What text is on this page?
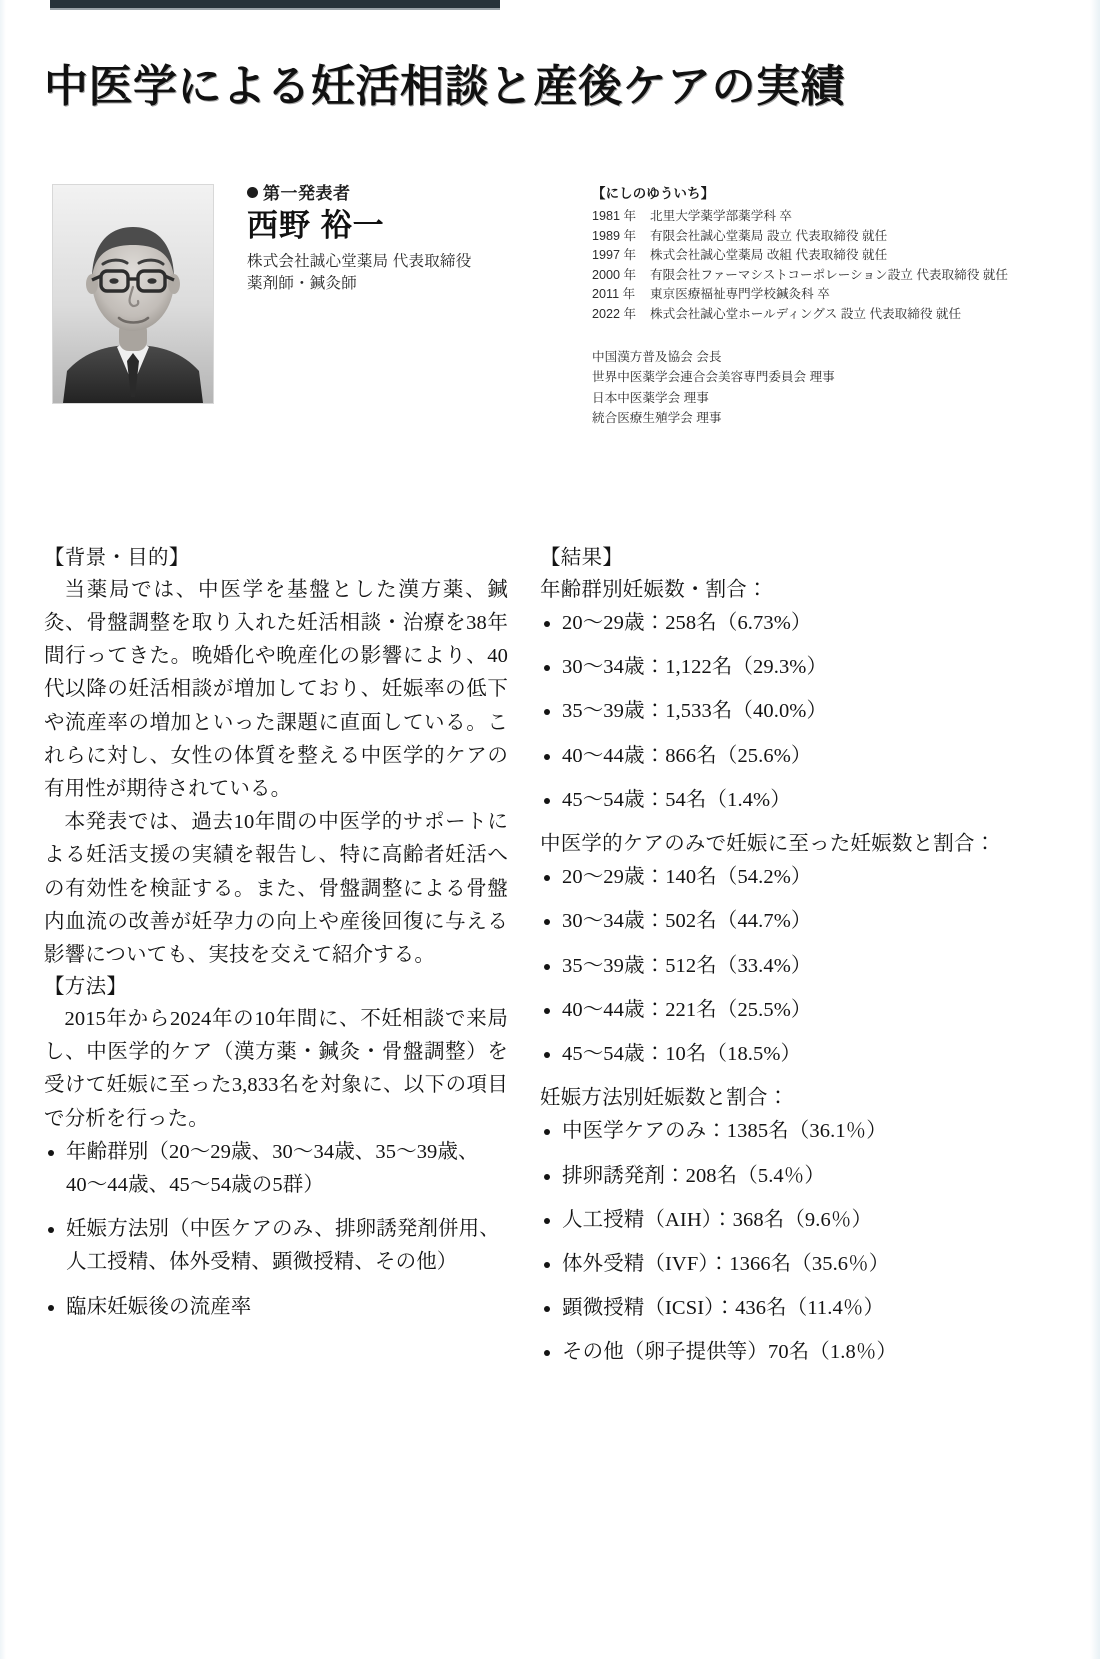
中医学による妊活相談と産後ケアの実績
第一発表者
西野 裕一
株式会社誠心堂薬局 代表取締役
薬剤師・鍼灸師
【にしのゆういち】
1981 年	北里大学薬学部薬学科 卒
1989 年	有限会社誠心堂薬局 設立 代表取締役 就任
1997 年	株式会社誠心堂薬局 改組 代表取締役 就任
2000 年	有限会社ファーマシストコーポレーション設立 代表取締役 就任
2011 年	東京医療福祉専門学校鍼灸科 卒
2022 年	株式会社誠心堂ホールディングス 設立 代表取締役 就任
中国漢方普及協会 会長
世界中医薬学会連合会美容専門委員会 理事
日本中医薬学会 理事
統合医療生殖学会 理事
【背景・目的】

当薬局では、中医学を基盤とした漢方薬、鍼灸、骨盤調整を取り入れた妊活相談・治療を38年間行ってきた。晩婚化や晩産化の影響により、40代以降の妊活相談が増加しており、妊娠率の低下や流産率の増加といった課題に直面している。これらに対し、女性の体質を整える中医学的ケアの有用性が期待されている。

本発表では、過去10年間の中医学的サポートによる妊活支援の実績を報告し、特に高齢者妊活への有効性を検証する。また、骨盤調整による骨盤内血流の改善が妊孕力の向上や産後回復に与える影響についても、実技を交えて紹介する。

【方法】

2015年から2024年の10年間に、不妊相談で来局し、中医学的ケア（漢方薬・鍼灸・骨盤調整）を受けて妊娠に至った3,833名を対象に、以下の項目で分析を行った。

年齢群別（20〜29歳、30〜34歳、35〜39歳、40〜44歳、45〜54歳の5群）
妊娠方法別（中医ケアのみ、排卵誘発剤併用、人工授精、体外受精、顕微授精、その他）
臨床妊娠後の流産率
【結果】
年齢群別妊娠数・割合：
20〜29歳：258名（6.73%）
30〜34歳：1,122名（29.3%）
35〜39歳：1,533名（40.0%）
40〜44歳：866名（25.6%）
45〜54歳：54名（1.4%）
中医学的ケアのみで妊娠に至った妊娠数と割合：
20〜29歳：140名（54.2%）
30〜34歳：502名（44.7%）
35〜39歳：512名（33.4%）
40〜44歳：221名（25.5%）
45〜54歳：10名（18.5%）
妊娠方法別妊娠数と割合：
中医学ケアのみ：1385名（36.1％）
排卵誘発剤：208名（5.4％）
人工授精（AIH）：368名（9.6％）
体外受精（IVF）：1366名（35.6％）
顕微授精（ICSI）：436名（11.4％）
その他（卵子提供等）70名（1.8％）
